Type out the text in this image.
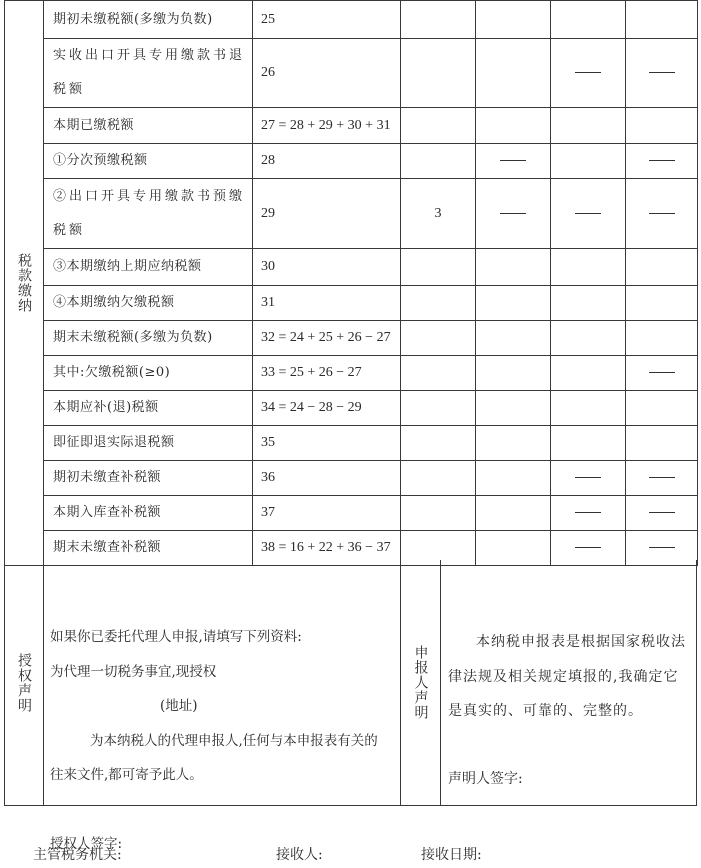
税款缴纳	期初未缴税额(多缴为负数)	25				
	实收出口开具专用缴款书退税额	26				
	本期已缴税额	27 = 28 + 29 + 30 + 31				
	①分次预缴税额	28				
	②出口开具专用缴款书预缴税额	29	3			
	③本期缴纳上期应纳税额	30				
	④本期缴纳欠缴税额	31				
	期末未缴税额(多缴为负数)	32 = 24 + 25 + 26 − 27				
	其中:欠缴税额(≥0)	33 = 25 + 26 − 27				
	本期应补(退)税额	34 = 24 − 28 − 29				
	即征即退实际退税额	35				
	期初未缴查补税额	36				
	本期入库查补税额	37				
	期末未缴查补税额	38 = 16 + 22 + 36 − 37				
授权声明	申报人声明
如果你已委托代理人申报,请填写下列资料:
为代理一切税务事宜,现授权
(地址)
为本纳税人的代理申报人,任何与本申报表有关的往来文件,都可寄予此人。
授权人签字:
本纳税申报表是根据国家税收法律法规及相关规定填报的,我确定它是真实的、可靠的、完整的。
声明人签字:
主管税务机关:	接收人:	接收日期:
